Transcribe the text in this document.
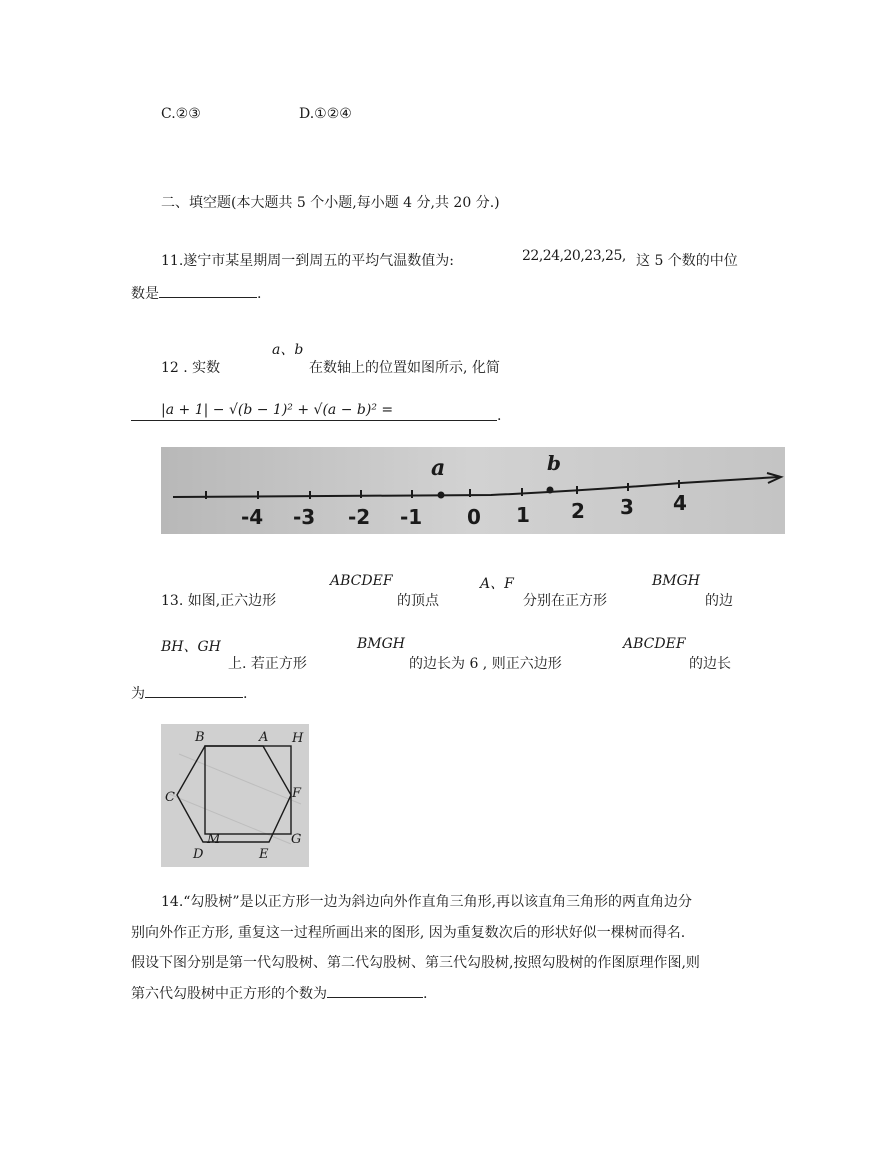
C.②③	D.①②④
二、填空题(本大题共 5 个小题,每小题 4 分,共 20 分.)
11.遂宁市某星期周一到周五的平均气温数值为:	22,24,20,23,25, 这 5 个数的中位
数是	.
12 . 实数
a、b
在数轴上的位置如图所示, 化简
|a + 1| − √(b − 1)² + √(a − b)² =	.
a	b
-4 -3 -2 -1 0 1 2 3 4
13. 如图,正六边形
ABCDEF
的顶点
A、F
分别在正方形
BMGH
的边
BH、GH
上. 若正方形
BMGH
的边长为 6 , 则正六边形
ABCDEF
的边长
为	.
B	A H
C	F
M	G
D	E
14.“勾股树”是以正方形一边为斜边向外作直角三角形,再以该直角三角形的两直角边分
别向外作正方形, 重复这一过程所画出来的图形, 因为重复数次后的形状好似一棵树而得名.
假设下图分别是第一代勾股树、第二代勾股树、第三代勾股树,按照勾股树的作图原理作图,则
第六代勾股树中正方形的个数为	.
